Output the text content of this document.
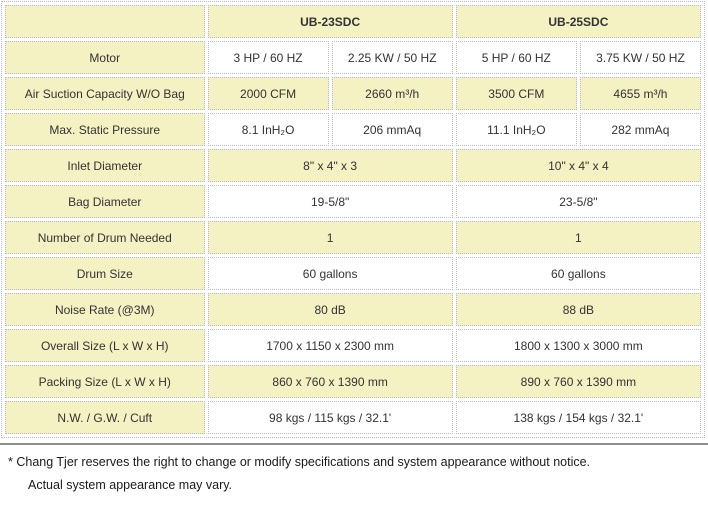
	UB-23SDC		UB-25SDC	
Motor	3 HP / 60 HZ	2.25 KW / 50 HZ	5 HP / 60 HZ	3.75 KW / 50 HZ
Air Suction Capacity W/O Bag	2000 CFM	2660 m³/h	3500 CFM	4655 m³/h
Max. Static Pressure	8.1 InH₂O	206 mmAq	11.1 InH₂O	282 mmAq
Inlet Diameter	8" x 4" x 3		10" x 4" x 4	
Bag Diameter	19-5/8"		23-5/8"	
Number of Drum Needed	1		1	
Drum Size	60 gallons		60 gallons	
Noise Rate (@3M)	80 dB		88 dB	
Overall Size (L x W x H)	1700 x 1150 x 2300 mm		1800 x 1300 x 3000 mm	
Packing Size (L x W x H)	860 x 760 x 1390 mm		890 x 760 x 1390 mm	
N.W. / G.W. / Cuft	98 kgs / 115 kgs / 32.1'		138 kgs / 154 kgs / 32.1'	

* Chang Tjer reserves the right to change or modify specifications and system appearance without notice.

Actual system appearance may vary.
